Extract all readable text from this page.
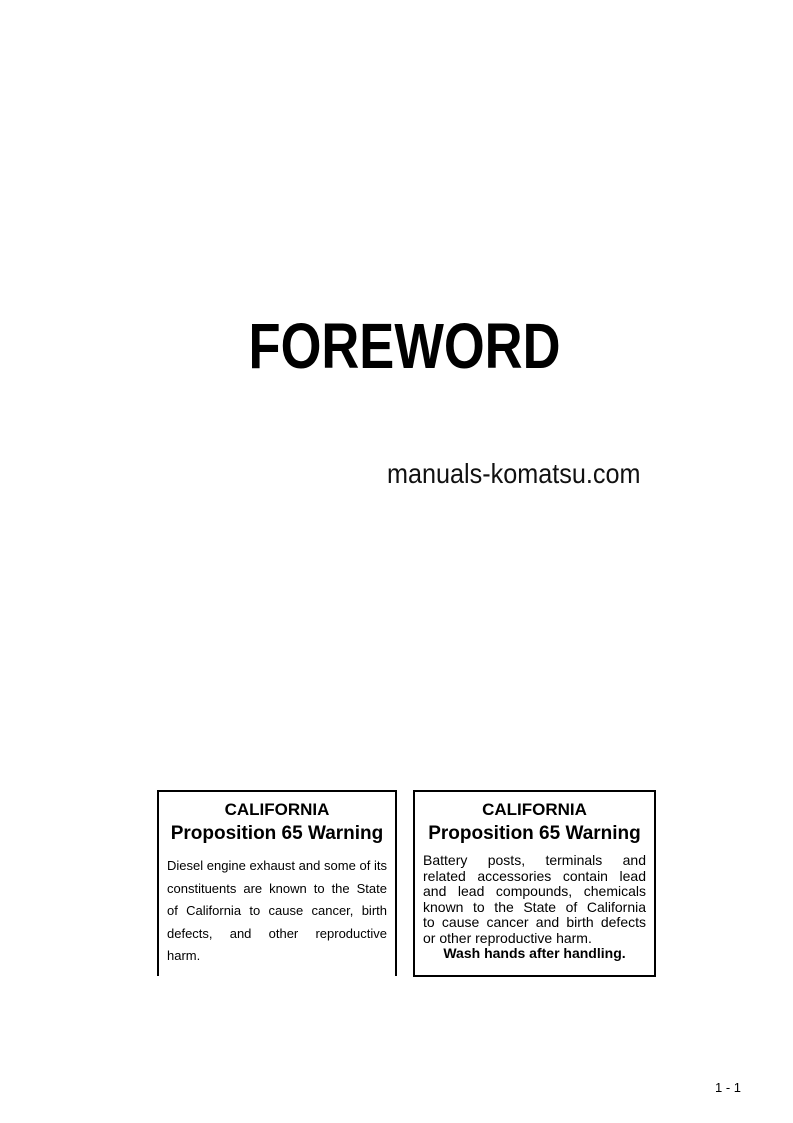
FOREWORD
manuals-komatsu.com
CALIFORNIA
Proposition 65 Warning
Diesel engine exhaust and some of its
constituents are known to the State
of California to cause cancer, birth
defects, and other reproductive
harm.
CALIFORNIA
Proposition 65 Warning
Battery posts, terminals and
related accessories contain lead
and lead compounds, chemicals
known to the State of California
to cause cancer and birth defects
or other reproductive harm.
Wash hands after handling.
1 - 1
